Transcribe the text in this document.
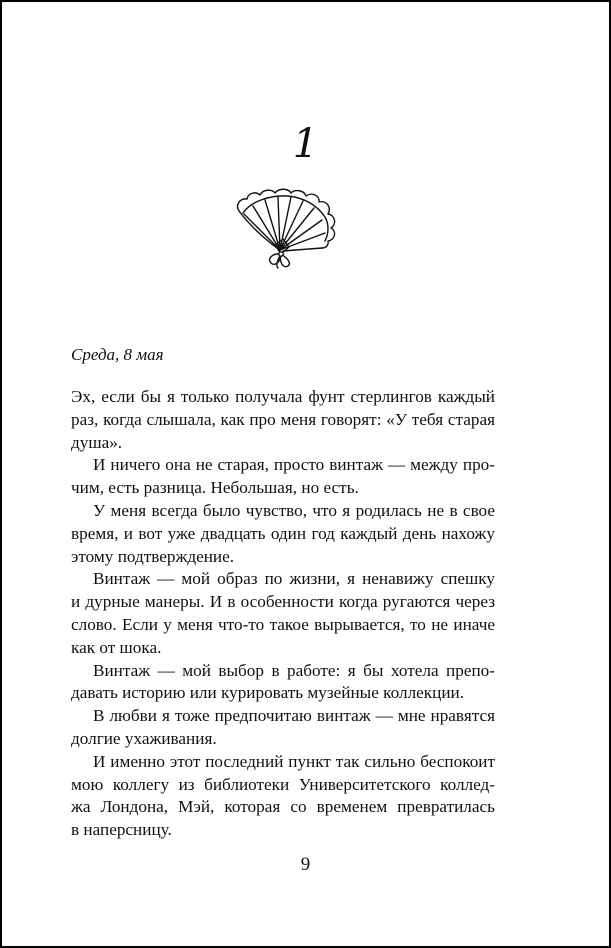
1
Среда, 8 мая

Эх, если бы я только получала фунт стерлингов каждый
раз, когда слышала, как про меня говорят: «У тебя старая
душа».

И ничего она не старая, просто винтаж — между про-
чим, есть разница. Небольшая, но есть.

У меня всегда было чувство, что я родилась не в свое
время, и вот уже двадцать один год каждый день нахожу
этому подтверждение.

Винтаж — мой образ по жизни, я ненавижу спешку
и дурные манеры. И в особенности когда ругаются через
слово. Если у меня что-то такое вырывается, то не иначе
как от шока.

Винтаж — мой выбор в работе: я бы хотела препо-
давать историю или курировать музейные коллекции.

В любви я тоже предпочитаю винтаж — мне нравятся
долгие ухаживания.

И именно этот последний пункт так сильно беспокоит
мою коллегу из библиотеки Университетского коллед-
жа Лондона, Мэй, которая со временем превратилась
в наперсницу.

9
